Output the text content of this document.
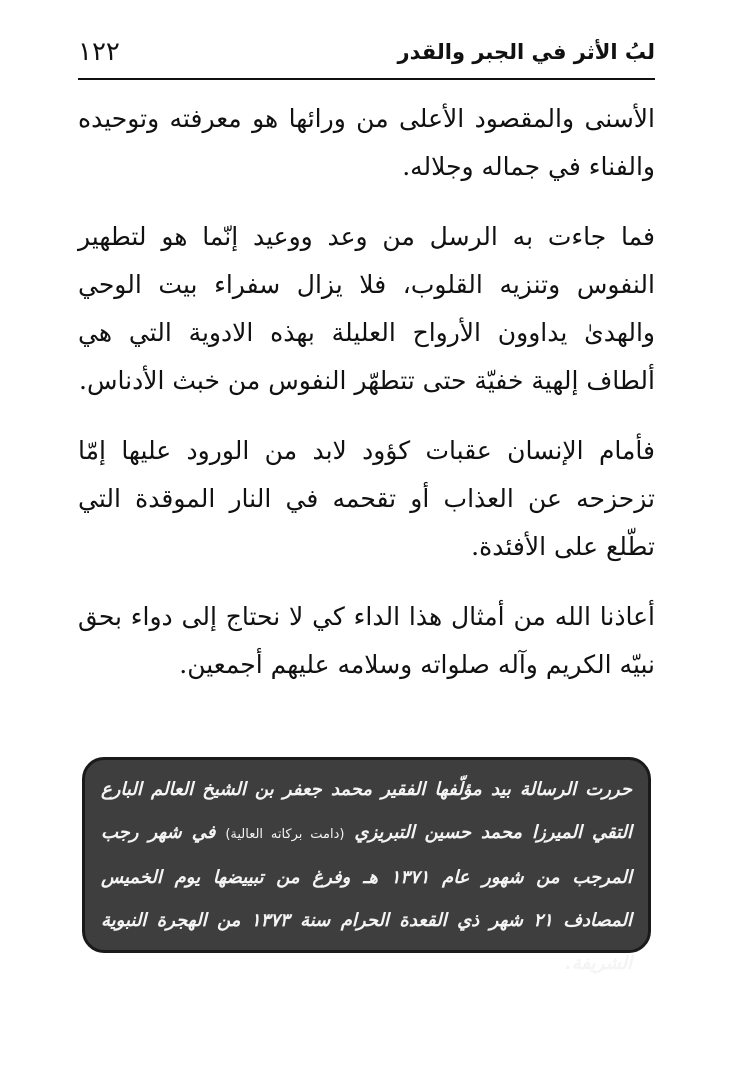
لبُ الأثر في الجبر والقدر
١٢٢

الأسنى والمقصود الأعلى من ورائها هو معرفته وتوحيده والفناء في جماله وجلاله.

فما جاءت به الرسل من وعد ووعيد إنّما هو لتطهير النفوس وتنزيه القلوب، فلا يزال سفراء بيت الوحي والهدىٰ يداوون الأرواح العليلة بهذه الادوية التي هي ألطاف إلهية خفيّة حتى تتطهّر النفوس من خبث الأدناس.

فأمام الإنسان عقبات كؤود لابد من الورود عليها إمّا تزحزحه عن العذاب أو تقحمه في النار الموقدة التي تطّلع على الأفئدة.

أعاذنا الله من أمثال هذا الداء كي لا نحتاج إلى دواء بحق نبيّه الكريم وآله صلواته وسلامه عليهم أجمعين.

حررت الرسالة بيد مؤلّفها الفقير محمد جعفر بن الشيخ العالم البارع التقي الميرزا محمد حسين التبريزي (دامت بركاته العالية) في شهر رجب المرجب من شهور عام ١٣٧١ هـ وفرغ من تبييضها يوم الخميس المصادف ٢١ شهر ذي القعدة الحرام سنة ١٣٧٣ من الهجرة النبوية الشريفة.
